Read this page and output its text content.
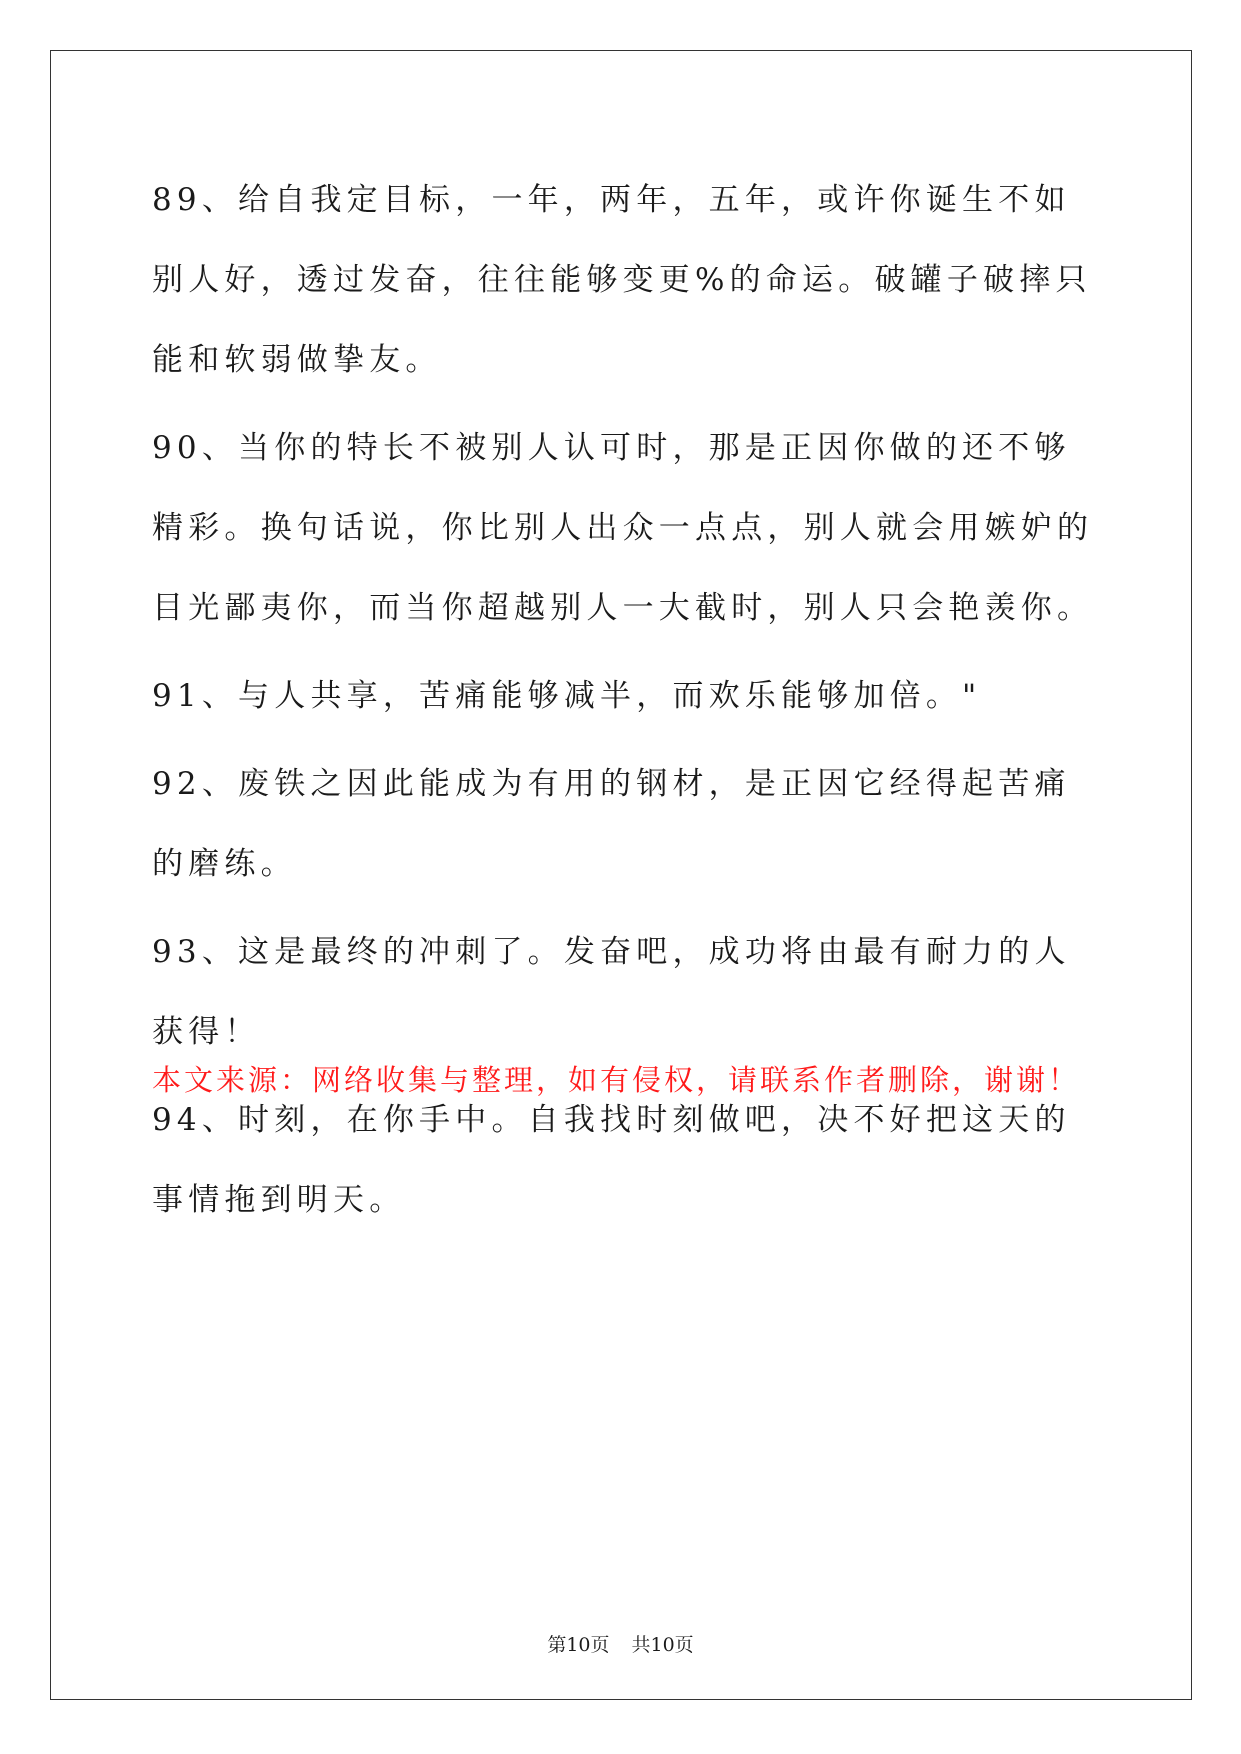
89、给自我定目标，一年，两年，五年，或许你诞生不如别人好，透过发奋，往往能够变更%的命运。破罐子破摔只能和软弱做挚友。

90、当你的特长不被别人认可时，那是正因你做的还不够精彩。换句话说，你比别人出众一点点，别人就会用嫉妒的目光鄙夷你，而当你超越别人一大截时，别人只会艳羡你。

91、与人共享，苦痛能够减半，而欢乐能够加倍。"

92、废铁之因此能成为有用的钢材，是正因它经得起苦痛的磨练。

93、这是最终的冲刺了。发奋吧，成功将由最有耐力的人获得！

94、时刻，在你手中。自我找时刻做吧，决不好把这天的事情拖到明天。

本文来源：网络收集与整理，如有侵权，请联系作者删除，谢谢！

第10页 共10页
